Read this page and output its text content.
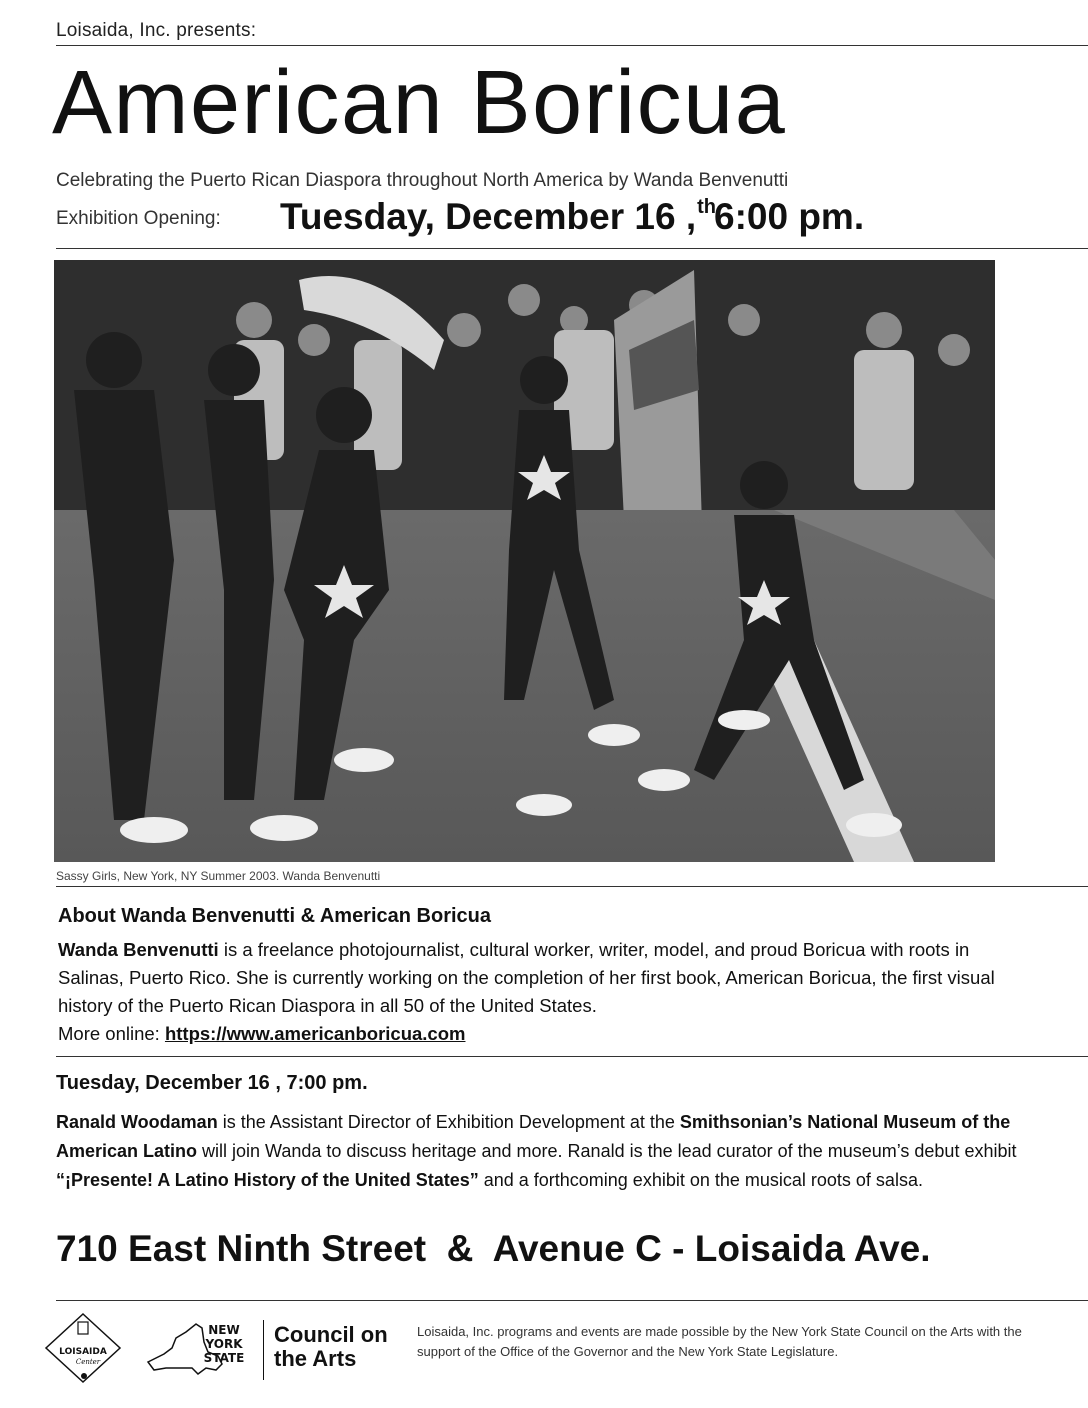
Loisaida, Inc. presents:
American Boricua
Celebrating the Puerto Rican Diaspora throughout North America by Wanda Benvenutti
Exhibition Opening: Tuesday, December 16 ,$^{th}$6:00 pm.
Sassy Girls, New York, NY Summer 2003. Wanda Benvenutti
About Wanda Benvenutti & American Boricua
Wanda Benvenutti is a freelance photojournalist, cultural worker, writer, model, and proud Boricua with roots in Salinas, Puerto Rico. She is currently working on the completion of her first book, American Boricua, the first visual history of the Puerto Rican Diaspora in all 50 of the United States.
More online: https://www.americanboricua.com
Tuesday, December 16 , 7:00 pm.
Ranald Woodaman is the Assistant Director of Exhibition Development at the Smithsonian’s National Museum of the American Latino will join Wanda to discuss heritage and more. Ranald is the lead curator of the museum’s debut exhibit “¡Presente! A Latino History of the United States” and a forthcoming exhibit on the musical roots of salsa.
710 East Ninth Street  &  Avenue C - Loisaida Ave.
LOISAIDA
Center
NEW
YORK
STATE
Council on
the Arts
Loisaida, Inc. programs and events are made possible by the New York State Council on the Arts with the support of the Office of the Governor and the New York State Legislature.
